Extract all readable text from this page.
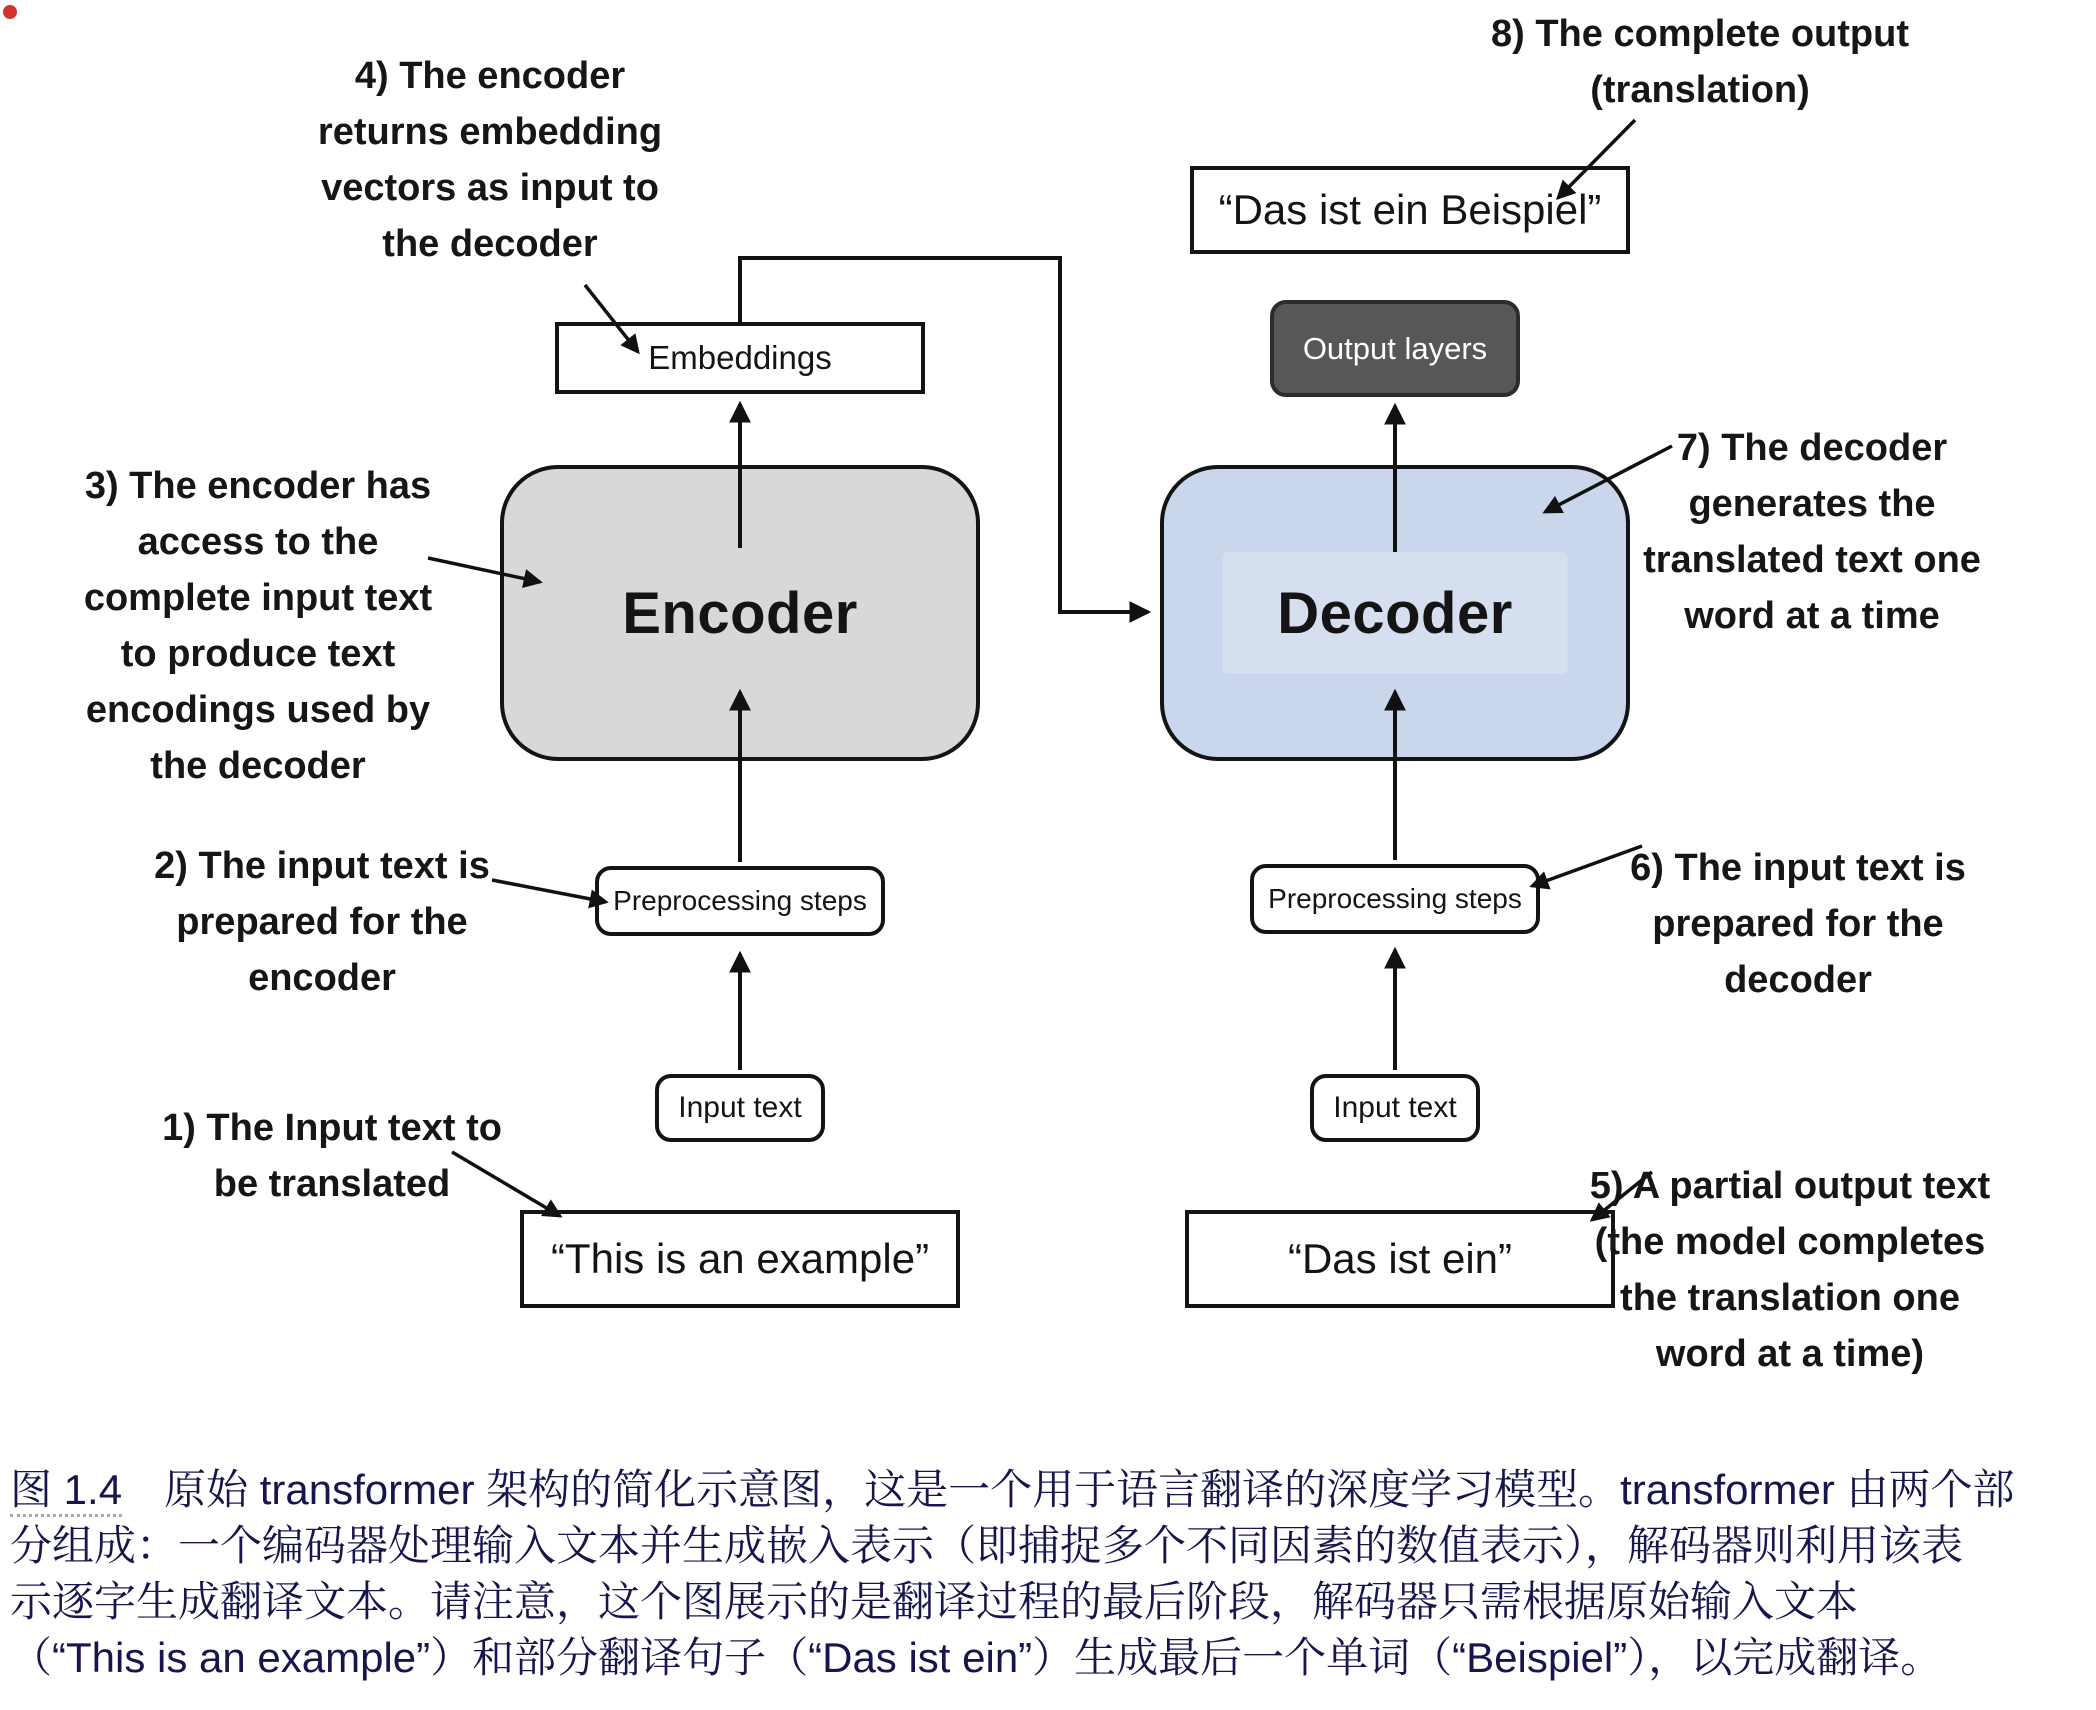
Embeddings	Output layers
Encoder	Decoder
Preprocessing steps	Preprocessing steps
Input text	Input text
“This is an example”	“Das ist ein”
“Das ist ein Beispiel”
4) The encoder
returns embedding
vectors as input to
the decoder
8) The complete output
(translation)
3) The encoder has
access to the
complete input text
to produce text
encodings used by
the decoder
7) The decoder
generates the
translated text one
word at a time
2) The input text is
prepared for the
encoder
6) The input text is
prepared for the
decoder
1) The Input text to
be translated	5) A partial output text
(the model completes
the translation one
word at a time)
图 1.4　原始 transformer 架构的简化示意图，这是一个用于语言翻译的深度学习模型。transformer 由两个部
分组成：一个编码器处理输入文本并生成嵌入表示（即捕捉多个不同因素的数值表示），解码器则利用该表
示逐字生成翻译文本。请注意，这个图展示的是翻译过程的最后阶段，解码器只需根据原始输入文本
（“This is an example”）和部分翻译句子（“Das ist ein”）生成最后一个单词（“Beispiel”），以完成翻译。
